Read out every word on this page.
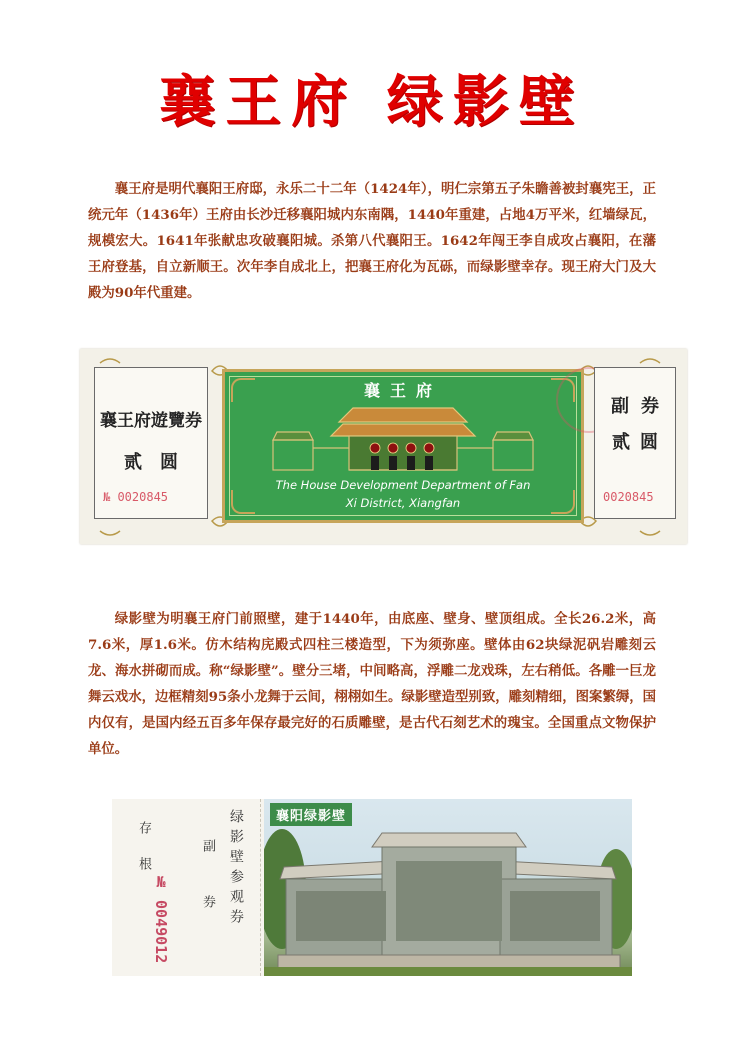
襄王府 绿影壁
襄王府是明代襄阳王府邸，永乐二十二年（1424年），明仁宗第五子朱瞻善被封襄宪王，正统元年（1436年）王府由长沙迁移襄阳城内东南隅，1440年重建，占地4万平米，红墙绿瓦，规模宏大。1641年张献忠攻破襄阳城。杀第八代襄阳王。1642年闯王李自成攻占襄阳，在藩王府登基，自立新顺王。次年李自成北上，把襄王府化为瓦砾，而绿影壁幸存。现王府大门及大殿为90年代重建。
襄王府遊覽券
贰圆
№ 0020845
襄王府
The House Development Department of Fan
Xi District, Xiangfan
副券
贰圆
0020845
绿影壁为明襄王府门前照壁，建于1440年，由底座、壁身、壁顶组成。全长26.2米，高7.6米，厚1.6米。仿木结构庑殿式四柱三楼造型，下为须弥座。壁体由62块绿泥矾岩雕刻云龙、海水拼砌而成。称“绿影壁”。壁分三堵，中间略高，浮雕二龙戏珠，左右稍低。各雕一巨龙舞云戏水，边框精刻95条小龙舞于云间，栩栩如生。绿影壁造型别致，雕刻精细，图案繁缛，国内仅有，是国内经五百多年保存最完好的石质雕壁，是古代石刻艺术的瑰宝。全国重点文物保护单位。
存 根
№ 0049012 副 券 绿影壁参观券	襄阳绿影壁
